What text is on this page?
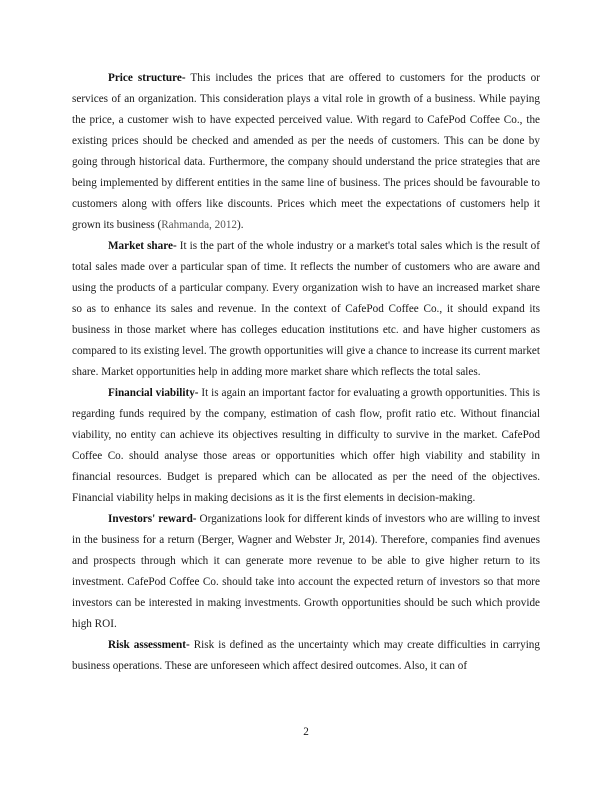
Price structure- This includes the prices that are offered to customers for the products or services of an organization. This consideration plays a vital role in growth of a business. While paying the price, a customer wish to have expected perceived value. With regard to CafePod Coffee Co., the existing prices should be checked and amended as per the needs of customers. This can be done by going through historical data. Furthermore, the company should understand the price strategies that are being implemented by different entities in the same line of business. The prices should be favourable to customers along with offers like discounts. Prices which meet the expectations of customers help it grown its business (Rahmanda, 2012).

Market share- It is the part of the whole industry or a market's total sales which is the result of total sales made over a particular span of time. It reflects the number of customers who are aware and using the products of a particular company. Every organization wish to have an increased market share so as to enhance its sales and revenue. In the context of CafePod Coffee Co., it should expand its business in those market where has colleges education institutions etc. and have higher customers as compared to its existing level. The growth opportunities will give a chance to increase its current market share. Market opportunities help in adding more market share which reflects the total sales.

Financial viability- It is again an important factor for evaluating a growth opportunities. This is regarding funds required by the company, estimation of cash flow, profit ratio etc. Without financial viability, no entity can achieve its objectives resulting in difficulty to survive in the market. CafePod Coffee Co. should analyse those areas or opportunities which offer high viability and stability in financial resources. Budget is prepared which can be allocated as per the need of the objectives. Financial viability helps in making decisions as it is the first elements in decision-making.

Investors' reward- Organizations look for different kinds of investors who are willing to invest in the business for a return (Berger, Wagner and Webster Jr, 2014). Therefore, companies find avenues and prospects through which it can generate more revenue to be able to give higher return to its investment. CafePod Coffee Co. should take into account the expected return of investors so that more investors can be interested in making investments. Growth opportunities should be such which provide high ROI.

Risk assessment- Risk is defined as the uncertainty which may create difficulties in carrying business operations. These are unforeseen which affect desired outcomes. Also, it can of

2
